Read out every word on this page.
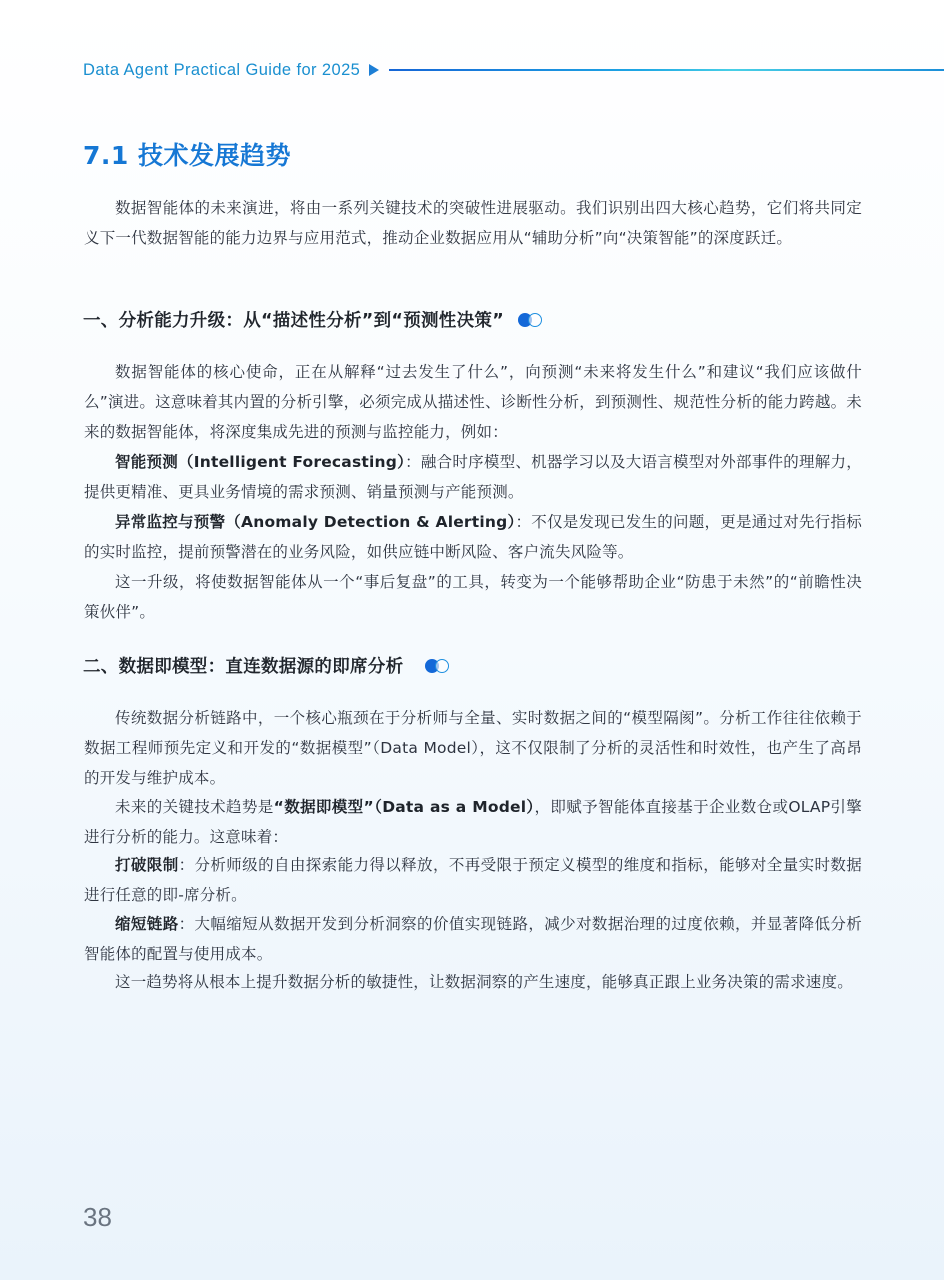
Data Agent Practical Guide for 2025
7.1 技术发展趋势

数据智能体的未来演进，将由一系列关键技术的突破性进展驱动。我们识别出四大核心趋势，它们将共同定义下一代数据智能的能力边界与应用范式，推动企业数据应用从“辅助分析”向“决策智能”的深度跃迁。

一、分析能力升级：从“描述性分析”到“预测性决策”

数据智能体的核心使命，正在从解释“过去发生了什么”，向预测“未来将发生什么”和建议“我们应该做什么”演进。这意味着其内置的分析引擎，必须完成从描述性、诊断性分析，到预测性、规范性分析的能力跨越。未来的数据智能体，将深度集成先进的预测与监控能力，例如：

智能预测（Intelligent Forecasting）：融合时序模型、机器学习以及大语言模型对外部事件的理解力，提供更精准、更具业务情境的需求预测、销量预测与产能预测。

异常监控与预警（Anomaly Detection & Alerting）：不仅是发现已发生的问题，更是通过对先行指标的实时监控，提前预警潜在的业务风险，如供应链中断风险、客户流失风险等。

这一升级，将使数据智能体从一个“事后复盘”的工具，转变为一个能够帮助企业“防患于未然”的“前瞻性决策伙伴”。

二、数据即模型：直连数据源的即席分析

传统数据分析链路中，一个核心瓶颈在于分析师与全量、实时数据之间的“模型隔阂”。分析工作往往依赖于数据工程师预先定义和开发的“数据模型”（Data Model），这不仅限制了分析的灵活性和时效性，也产生了高昂的开发与维护成本。

未来的关键技术趋势是“数据即模型”（Data as a Model），即赋予智能体直接基于企业数仓或OLAP引擎进行分析的能力。这意味着：

打破限制：分析师级的自由探索能力得以释放，不再受限于预定义模型的维度和指标，能够对全量实时数据进行任意的即-席分析。

缩短链路：大幅缩短从数据开发到分析洞察的价值实现链路，减少对数据治理的过度依赖，并显著降低分析智能体的配置与使用成本。

这一趋势将从根本上提升数据分析的敏捷性，让数据洞察的产生速度，能够真正跟上业务决策的需求速度。

38
